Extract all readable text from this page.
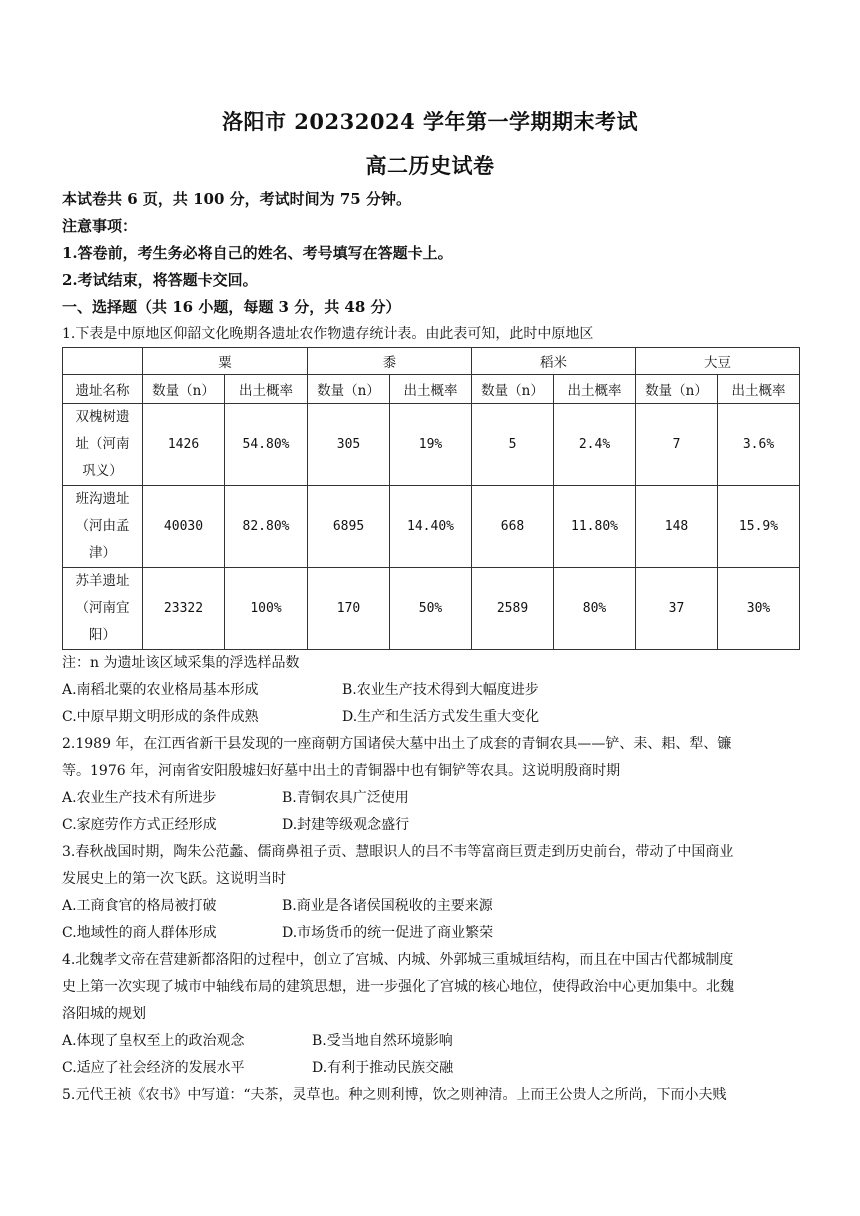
洛阳市 20232024 学年第一学期期末考试
高二历史试卷
本试卷共 6 页，共 100 分，考试时间为 75 分钟。
注意事项：
1.答卷前，考生务必将自己的姓名、考号填写在答题卡上。
2.考试结束，将答题卡交回。
一、选择题（共 16 小题，每题 3 分，共 48 分）
1.下表是中原地区仰韶文化晚期各遗址农作物遗存统计表。由此表可知，此时中原地区
	粟		黍		稻米		大豆	
遗址名称	数量（n）	出土概率	数量（n）	出土概率	数量（n）	出土概率	数量（n）	出土概率

双槐树遗
址（河南
巩义）	1426	54.80%	305	19%	5	2.4%	7	3.6%

班沟遗址
（河由孟
津）	40030	82.80%	6895	14.40%	668	11.80%	148	15.9%

苏羊遗址
（河南宜
阳）	23322	100%	170	50%	2589	80%	37	30%
注：n 为遗址该区域采集的浮选样品数
A.南稻北粟的农业格局基本形成	B.农业生产技术得到大幅度进步
C.中原早期文明形成的条件成熟	D.生产和生活方式发生重大变化
2.1989 年，在江西省新干县发现的一座商朝方国诸侯大墓中出土了成套的青铜农具——铲、耒、耜、犁、镰
等。1976 年，河南省安阳殷墟妇好墓中出土的青铜器中也有铜铲等农具。这说明殷商时期
A.农业生产技术有所进步	B.青铜农具广泛使用
C.家庭劳作方式正经形成	D.封建等级观念盛行
3.春秋战国时期，陶朱公范蠡、儒商鼻祖子贡、慧眼识人的吕不韦等富商巨贾走到历史前台，带动了中国商业
发展史上的第一次飞跃。这说明当时
A.工商食官的格局被打破	B.商业是各诸侯国税收的主要来源
C.地域性的商人群体形成	D.市场货币的统一促进了商业繁荣
4.北魏孝文帝在营建新都洛阳的过程中，创立了宫城、内城、外郭城三重城垣结构，而且在中国古代都城制度
史上第一次实现了城市中轴线布局的建筑思想，进一步强化了宫城的核心地位，使得政治中心更加集中。北魏
洛阳城的规划
A.体现了皇权至上的政治观念	B.受当地自然环境影响
C.适应了社会经济的发展水平	D.有利于推动民族交融
5.元代王祯《农书》中写道：“夫茶，灵草也。种之则利博，饮之则神清。上而王公贵人之所尚，下而小夫贱
